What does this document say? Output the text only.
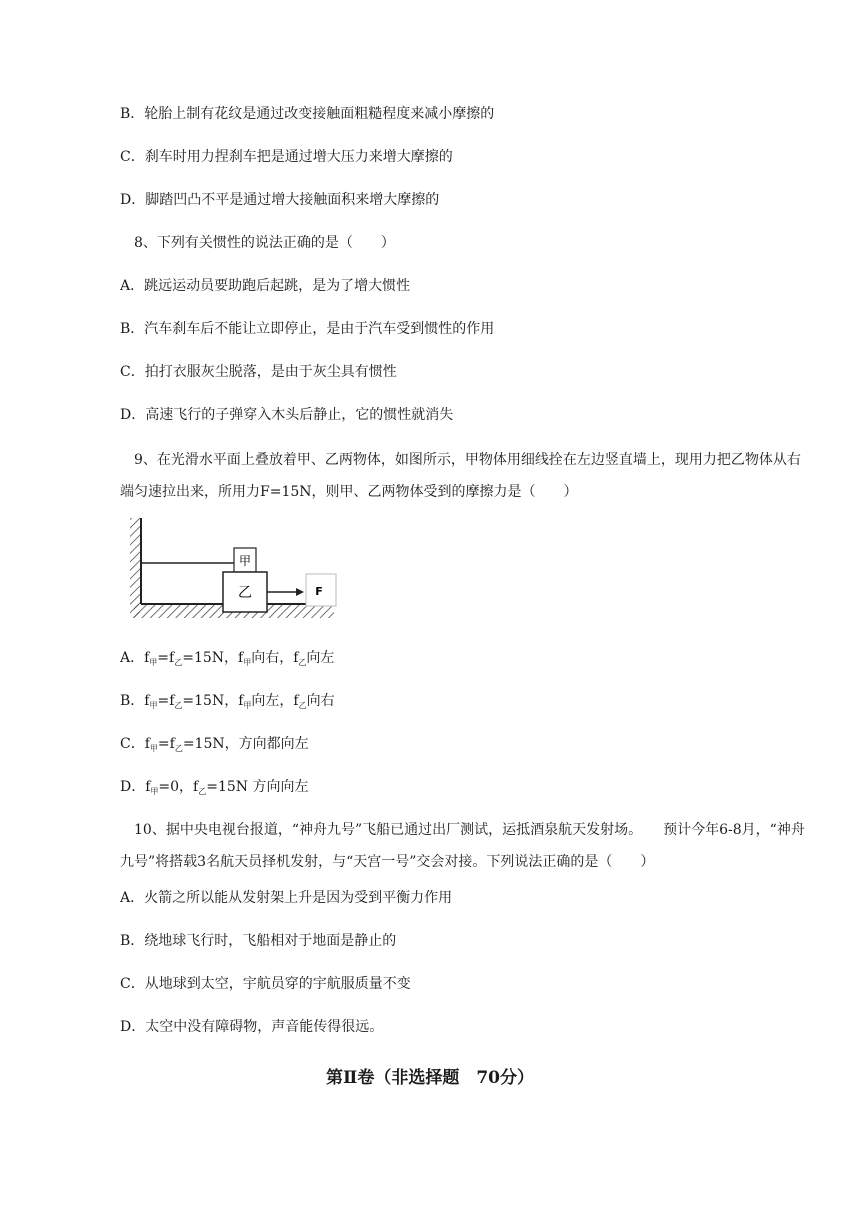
B．轮胎上制有花纹是通过改变接触面粗糙程度来减小摩擦的
C．刹车时用力捏刹车把是通过增大压力来增大摩擦的
D．脚踏凹凸不平是通过增大接触面积来增大摩擦的
8、下列有关惯性的说法正确的是（　　）
A．跳远运动员要助跑后起跳，是为了增大惯性
B．汽车刹车后不能让立即停止，是由于汽车受到惯性的作用
C．拍打衣服灰尘脱落，是由于灰尘具有惯性
D．高速飞行的子弹穿入木头后静止，它的惯性就消失
9、在光滑水平面上叠放着甲、乙两物体，如图所示，甲物体用细线拴在左边竖直墙上，现用力把乙物体从右端匀速拉出来，所用力F=15N，则甲、乙两物体受到的摩擦力是（　　）
甲
乙	F
A．$f_甲=f_乙=15N$，$f_甲$向右，$f_乙$向左
B．$f_甲=f_乙=15N$，$f_甲$向左，$f_乙$向右
C．$f_甲=f_乙=15N$，方向都向左
D．$f_甲=0$，$f_乙=15N$ 方向向左
10、据中央电视台报道，“神舟九号”飞船已通过出厂测试，运抵酒泉航天发射场。　　预计今年6-8月，“神舟九号”将搭载3名航天员择机发射，与“天宫一号”交会对接。下列说法正确的是（　　）
A．火箭之所以能从发射架上升是因为受到平衡力作用
B．绕地球飞行时，飞船相对于地面是静止的
C．从地球到太空，宇航员穿的宇航服质量不变
D．太空中没有障碍物，声音能传得很远。
第Ⅱ卷（非选择题　70分）
